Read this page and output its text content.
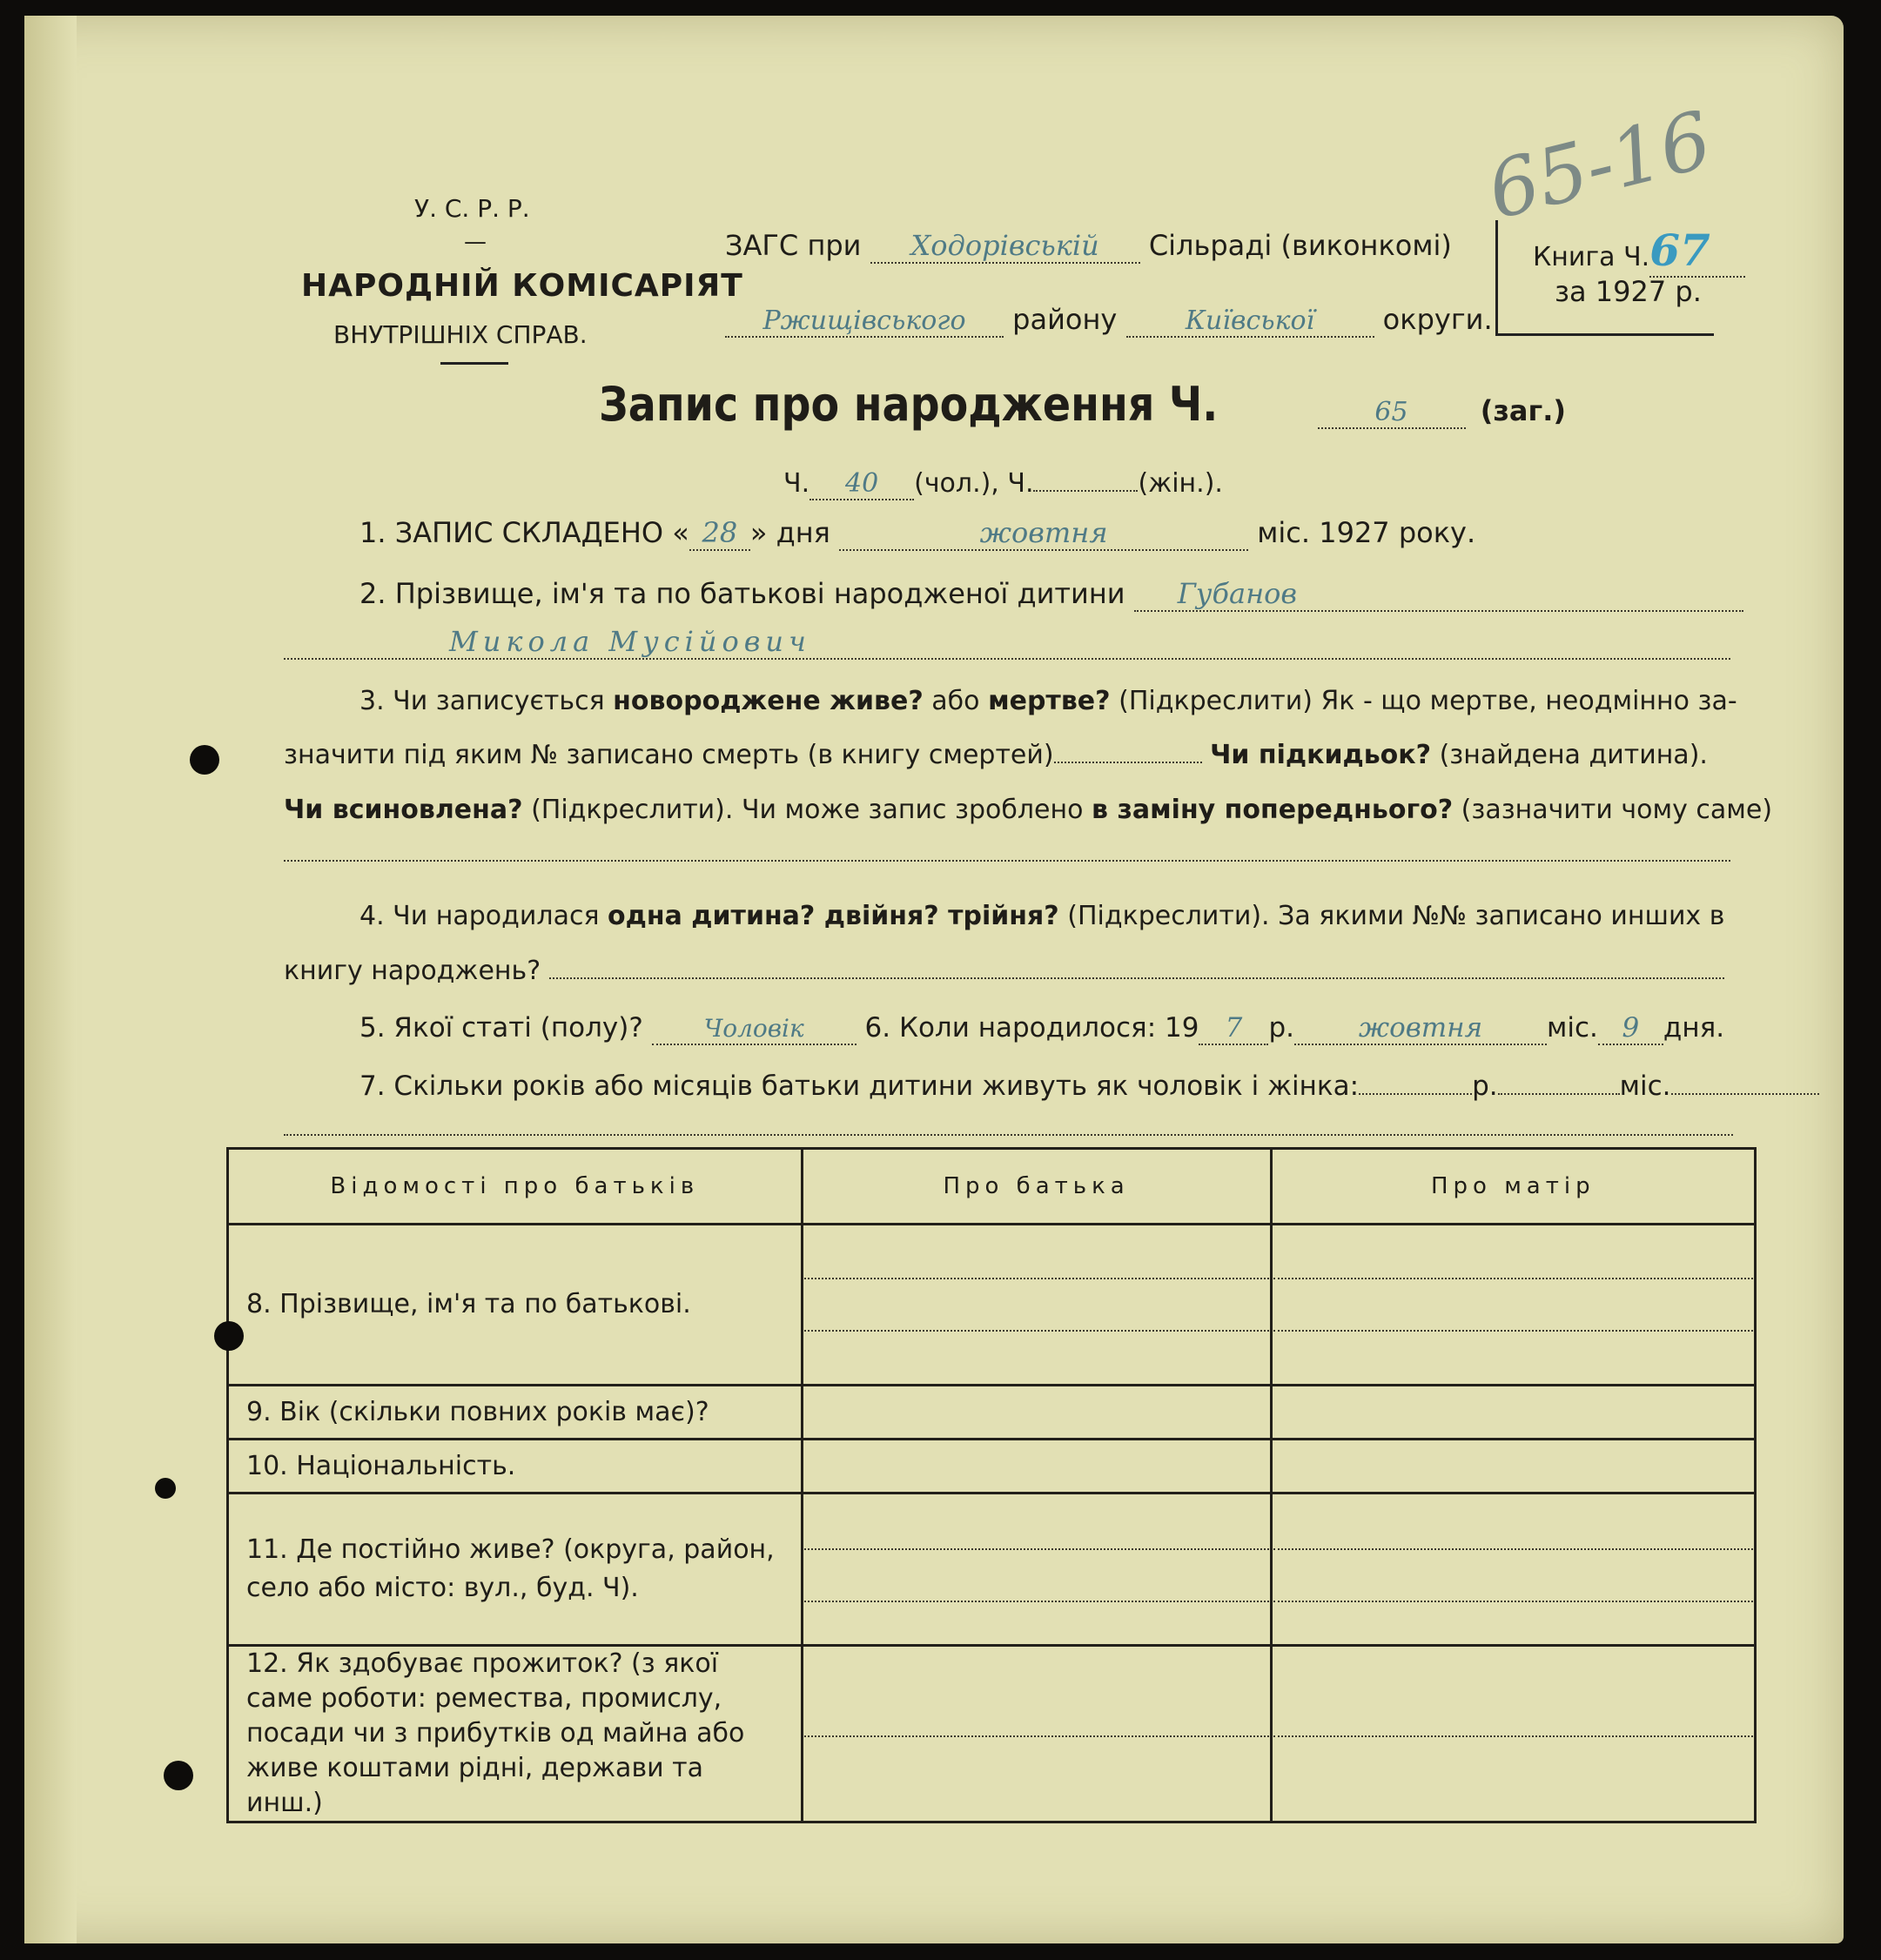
У. С. Р. Р.
—
НАРОДНІЙ КОМІСАРІЯТ
ВНУТРІШНІХ СПРАВ.
ЗАГС при Ходорівській Сільраді (виконкомі)
Ржищівського району	Київської округи.
Книга Ч.67
за 1927 р.
65-16
Запис про народження Ч.	65	(заг.)
Ч. 40 (чол.), Ч.	(жін.).
1. ЗАПИС СКЛАДЕНО « 28 » дня	жовтня	міс. 1927 року.
2. Прізвище, ім'я та по батькові народженої дитини Губанов
Микола Мусійович
3. Чи записується новороджене живе? або мертве? (Підкреслити) Як - що мертве, неодмінно за-
значити під яким № записано смерть (в книгу смертей)	Чи підкидьок? (знайдена дитина).
Чи всиновлена? (Підкреслити). Чи може запис зроблено в заміну попереднього? (зазначити чому саме)
4. Чи народилася одна дитина? двійня? трійня? (Підкреслити). За якими №№ записано инших в
книгу народжень?
5. Якої статі (полу)? Чоловік 6. Коли народилося: 19 7 р. жовтня міс. 9 дня.
7. Скільки років або місяців батьки дитини живуть як чоловік і жінка:	р.	міс.
Відомості про батьків	Про батька	Про матір
8. Прізвище, ім'я та по батькові.	

9. Вік (скільки повних років має)?		
10. Національність.		
11. Де постійно живе? (округа, район, село або місто: вул., буд. Ч).	

12. Як здобуває прожиток? (з якої саме роботи: ремества, промислу, посади чи з прибутків од майна або живе коштами рідні, держави та инш.)	
